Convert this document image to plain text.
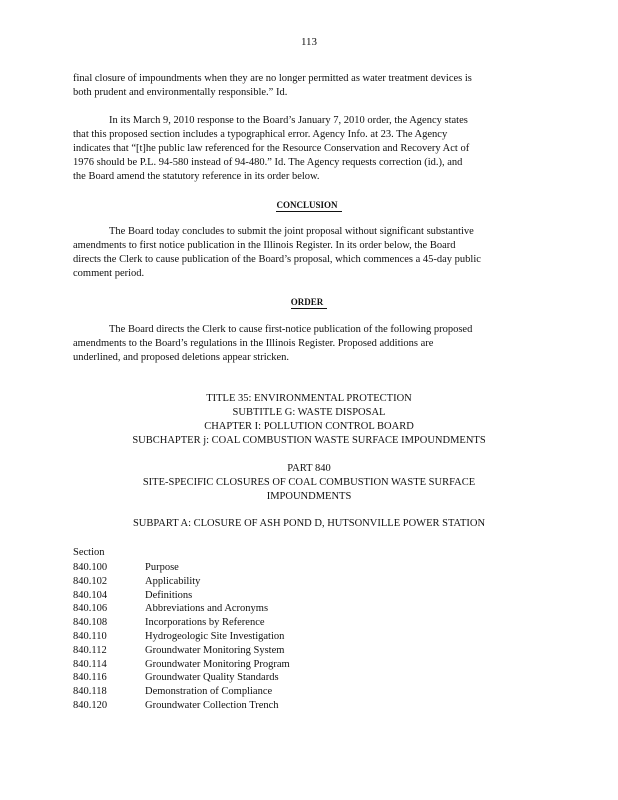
113

final closure of impoundments when they are no longer permitted as water treatment devices is
both prudent and environmentally responsible.” Id.

In its March 9, 2010 response to the Board’s January 7, 2010 order, the Agency states
that this proposed section includes a typographical error. Agency Info. at 23. The Agency
indicates that “[t]he public law referenced for the Resource Conservation and Recovery Act of
1976 should be P.L. 94-580 instead of 94-480.” Id. The Agency requests correction (id.), and
the Board amend the statutory reference in its order below.

CONCLUSION

The Board today concludes to submit the joint proposal without significant substantive
amendments to first notice publication in the Illinois Register. In its order below, the Board
directs the Clerk to cause publication of the Board’s proposal, which commences a 45-day public
comment period.

ORDER

The Board directs the Clerk to cause first-notice publication of the following proposed
amendments to the Board’s regulations in the Illinois Register. Proposed additions are
underlined, and proposed deletions appear stricken.

TITLE 35: ENVIRONMENTAL PROTECTION
SUBTITLE G: WASTE DISPOSAL
CHAPTER I: POLLUTION CONTROL BOARD
SUBCHAPTER j: COAL COMBUSTION WASTE SURFACE IMPOUNDMENTS
PART 840
SITE-SPECIFIC CLOSURES OF COAL COMBUSTION WASTE SURFACE
IMPOUNDMENTS
SUBPART A: CLOSURE OF ASH POND D, HUTSONVILLE POWER STATION
Section
840.100	Purpose
840.102	Applicability
840.104	Definitions
840.106	Abbreviations and Acronyms
840.108	Incorporations by Reference
840.110	Hydrogeologic Site Investigation
840.112	Groundwater Monitoring System
840.114	Groundwater Monitoring Program
840.116	Groundwater Quality Standards
840.118	Demonstration of Compliance
840.120	Groundwater Collection Trench
